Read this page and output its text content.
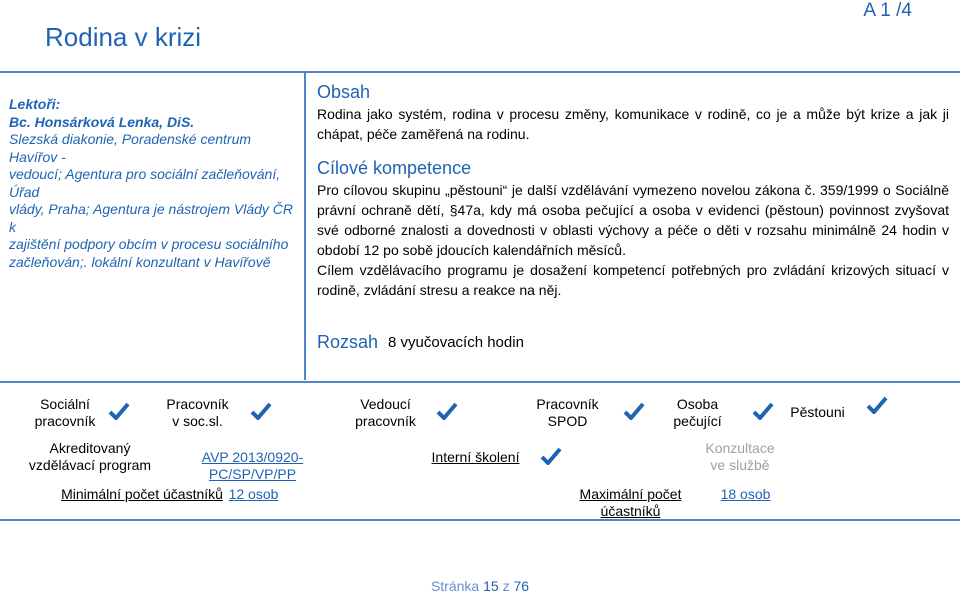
Rodina v krizi
A 1 /4
Lektoři:
Bc. Honsárková Lenka, DiS.
Slezská diakonie, Poradenské centrum Havířov -
vedoucí; Agentura pro sociální začleňování, Úřad
vlády, Praha; Agentura je nástrojem Vlády ČR k
zajištění podpory obcím v procesu sociálního
začleňován;. lokální konzultant v Havířově
Obsah

Rodina jako systém, rodina v procesu změny, komunikace v rodině, co je a může být krize a jak ji chápat, péče zaměřená na rodinu.

Cílové kompetence

Pro cílovou skupinu „pěstouni“ je další vzdělávání vymezeno novelou zákona č. 359/1999 o Sociálně právní ochraně dětí, §47a, kdy má osoba pečující a osoba v evidenci (pěstoun) povinnost zvyšovat své odborné znalosti a dovednosti v oblasti výchovy a péče o děti v rozsahu minimálně 24 hodin v období 12 po sobě jdoucích kalendářních měsíců.

Cílem vzdělávacího programu je dosažení kompetencí potřebných pro zvládání krizových situací v rodině, zvládání stresu a reakce na něj.

Rozsah 8 vyučovacích hodin
Sociální
pracovník
Pracovník
v soc.sl.
Vedoucí
pracovník
Pracovník
SPOD
Osoba
pečující
Pěstouni
Akreditovaný
vzdělávací program	AVP 2013/0920-PC/SP/VP/PP
Interní školení
Konzultace
ve službě
Minimální počet účastníků 12 osob	Maximální počet účastníků
18 osob
Stránka 15 z 76
